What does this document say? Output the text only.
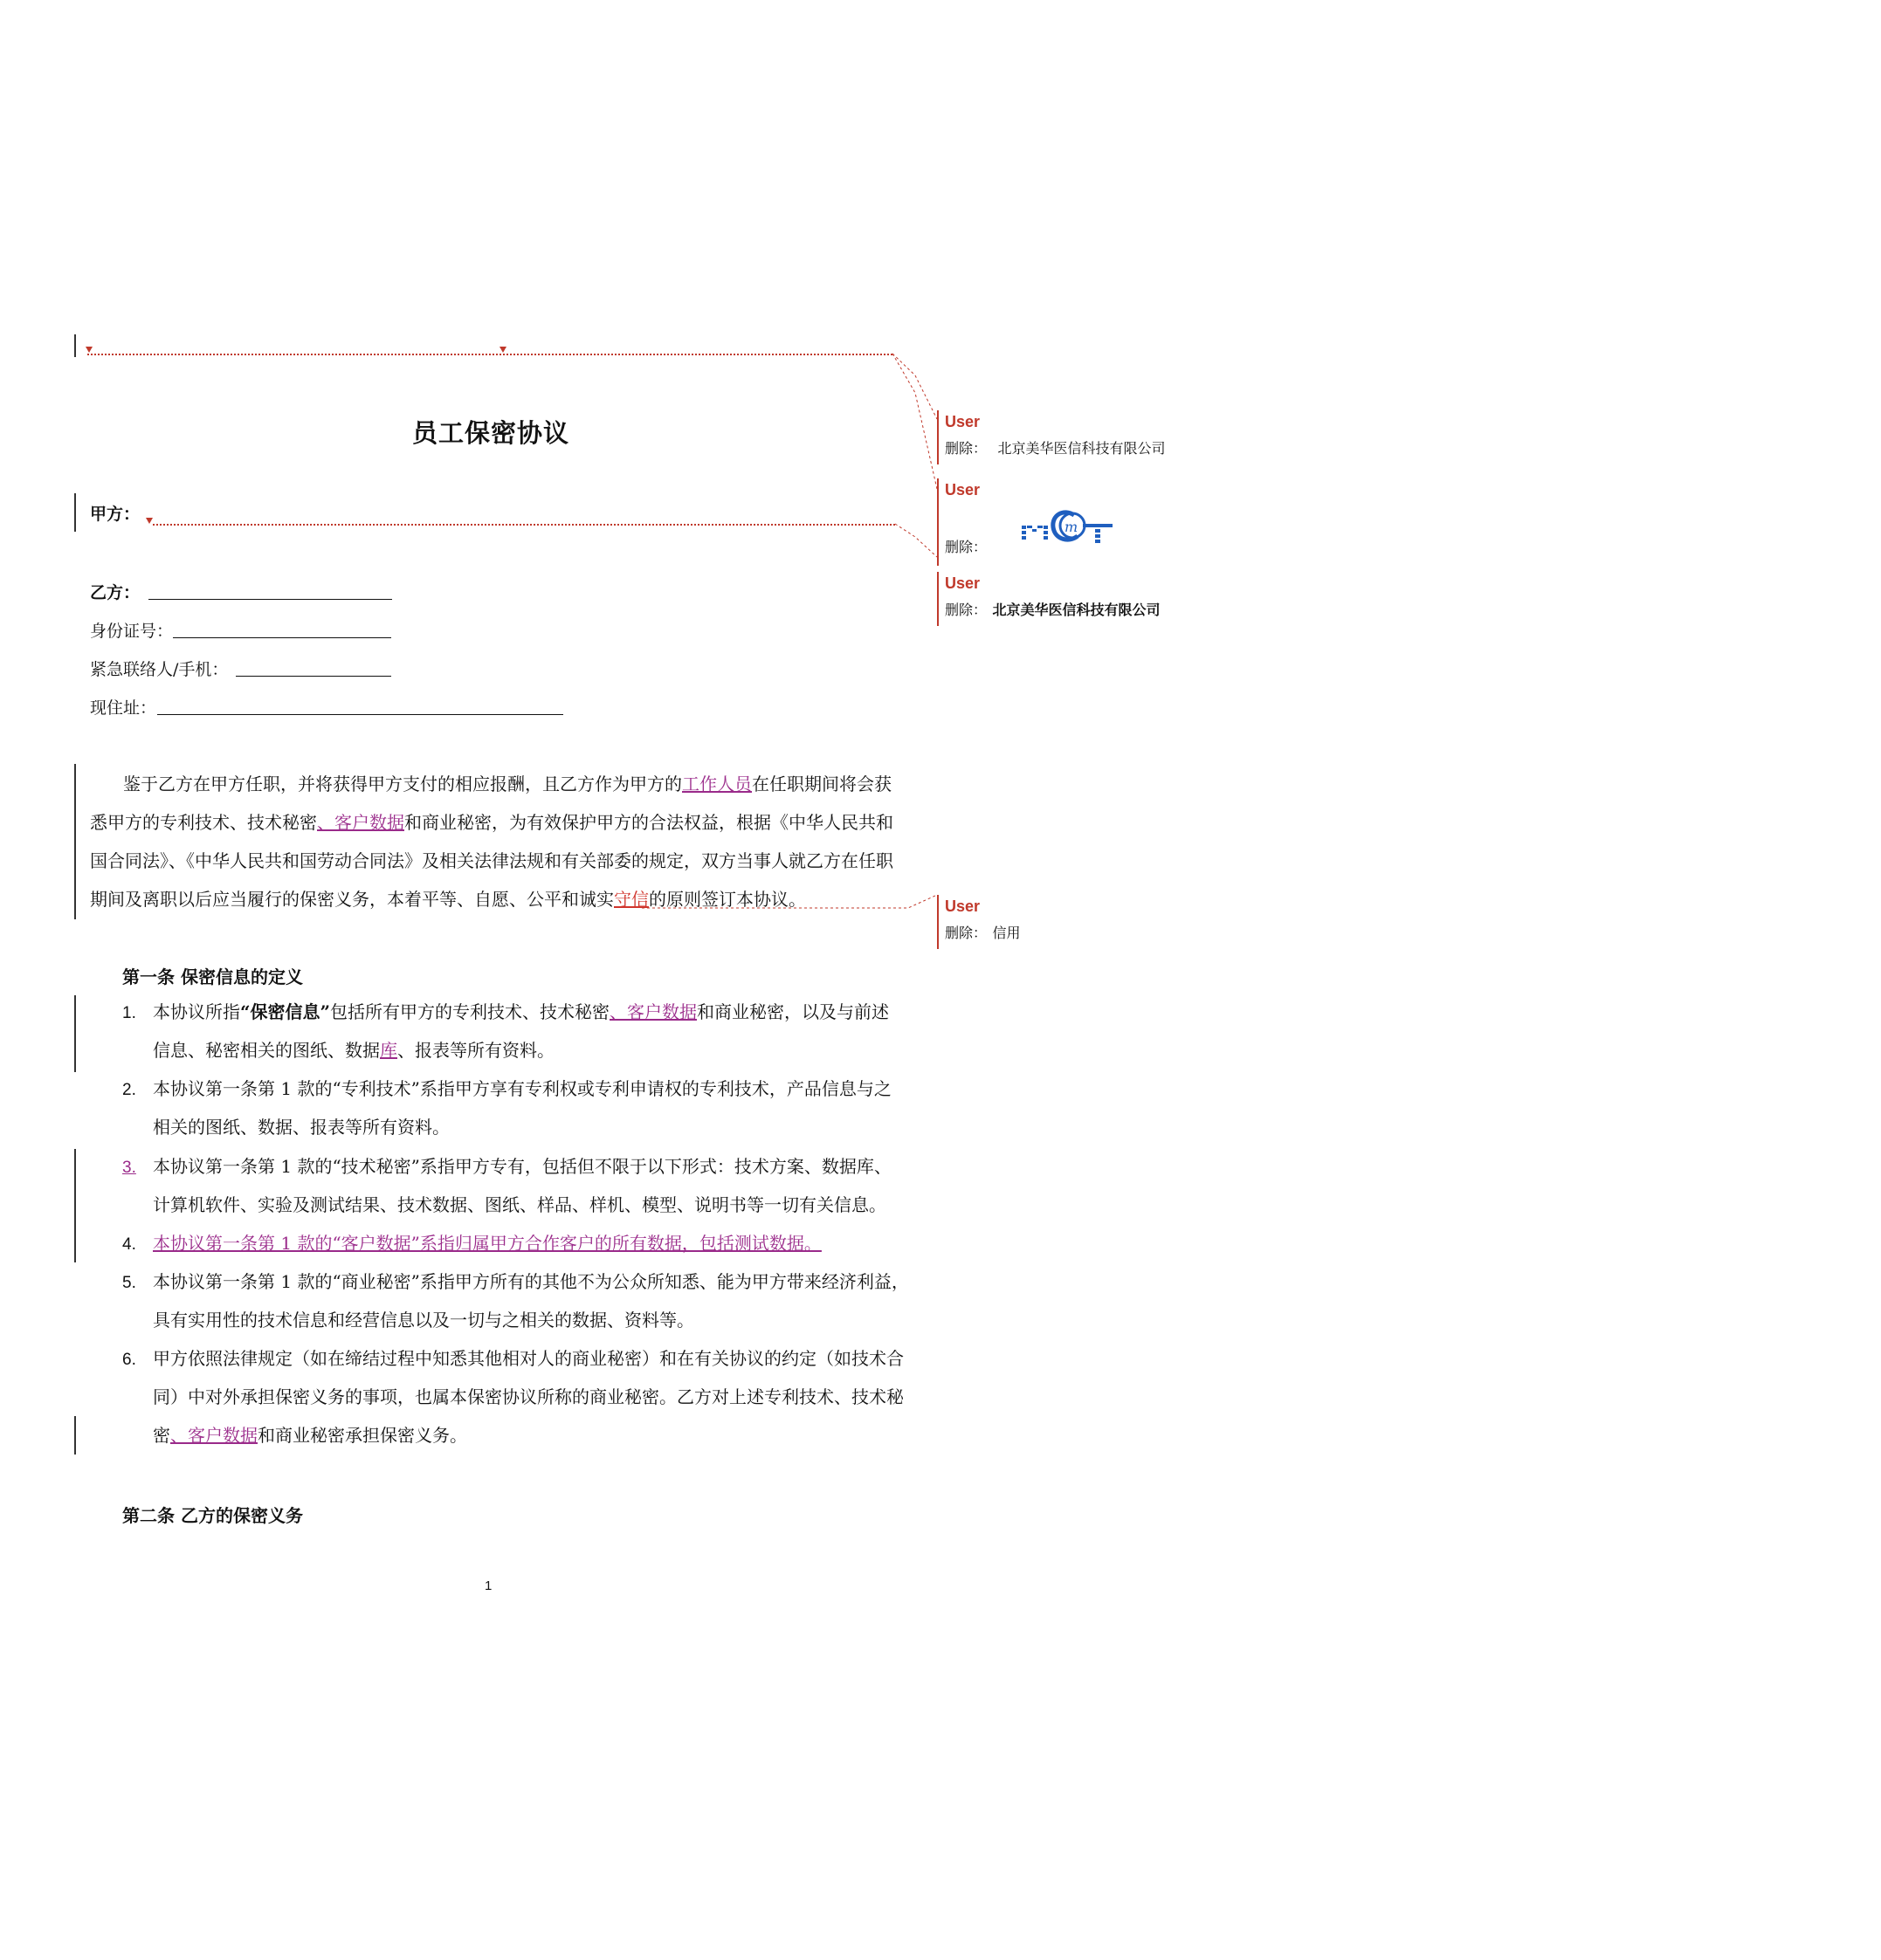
员工保密协议
甲方：
乙方：
身份证号：
紧急联络人/手机：
现住址：
鉴于乙方在甲方任职，并将获得甲方支付的相应报酬，且乙方作为甲方的工作人员在任职期间将会获
悉甲方的专利技术、技术秘密、客户数据和商业秘密，为有效保护甲方的合法权益，根据《中华人民共和
国合同法》、《中华人民共和国劳动合同法》及相关法律法规和有关部委的规定，双方当事人就乙方在任职
期间及离职以后应当履行的保密义务，本着平等、自愿、公平和诚实守信的原则签订本协议。
第一条 保密信息的定义
1. 本协议所指“保密信息”包括所有甲方的专利技术、技术秘密、客户数据和商业秘密，以及与前述
信息、秘密相关的图纸、数据库、报表等所有资料。
2. 本协议第一条第 1 款的“专利技术”系指甲方享有专利权或专利申请权的专利技术，产品信息与之
相关的图纸、数据、报表等所有资料。
3. 本协议第一条第 1 款的“技术秘密”系指甲方专有，包括但不限于以下形式：技术方案、数据库、
计算机软件、实验及测试结果、技术数据、图纸、样品、样机、模型、说明书等一切有关信息。
4. 本协议第一条第 1 款的“客户数据”系指归属甲方合作客户的所有数据，包括测试数据。
5. 本协议第一条第 1 款的“商业秘密”系指甲方所有的其他不为公众所知悉、能为甲方带来经济利益，
具有实用性的技术信息和经营信息以及一切与之相关的数据、资料等。
6. 甲方依照法律规定（如在缔结过程中知悉其他相对人的商业秘密）和在有关协议的约定（如技术合
同）中对外承担保密义务的事项，也属本保密协议所称的商业秘密。乙方对上述专利技术、技术秘
密、客户数据和商业秘密承担保密义务。
第二条 乙方的保密义务
1
User
删除： 北京美华医信科技有限公司
User
删除：
m
User
删除： 北京美华医信科技有限公司
User
删除： 信用
